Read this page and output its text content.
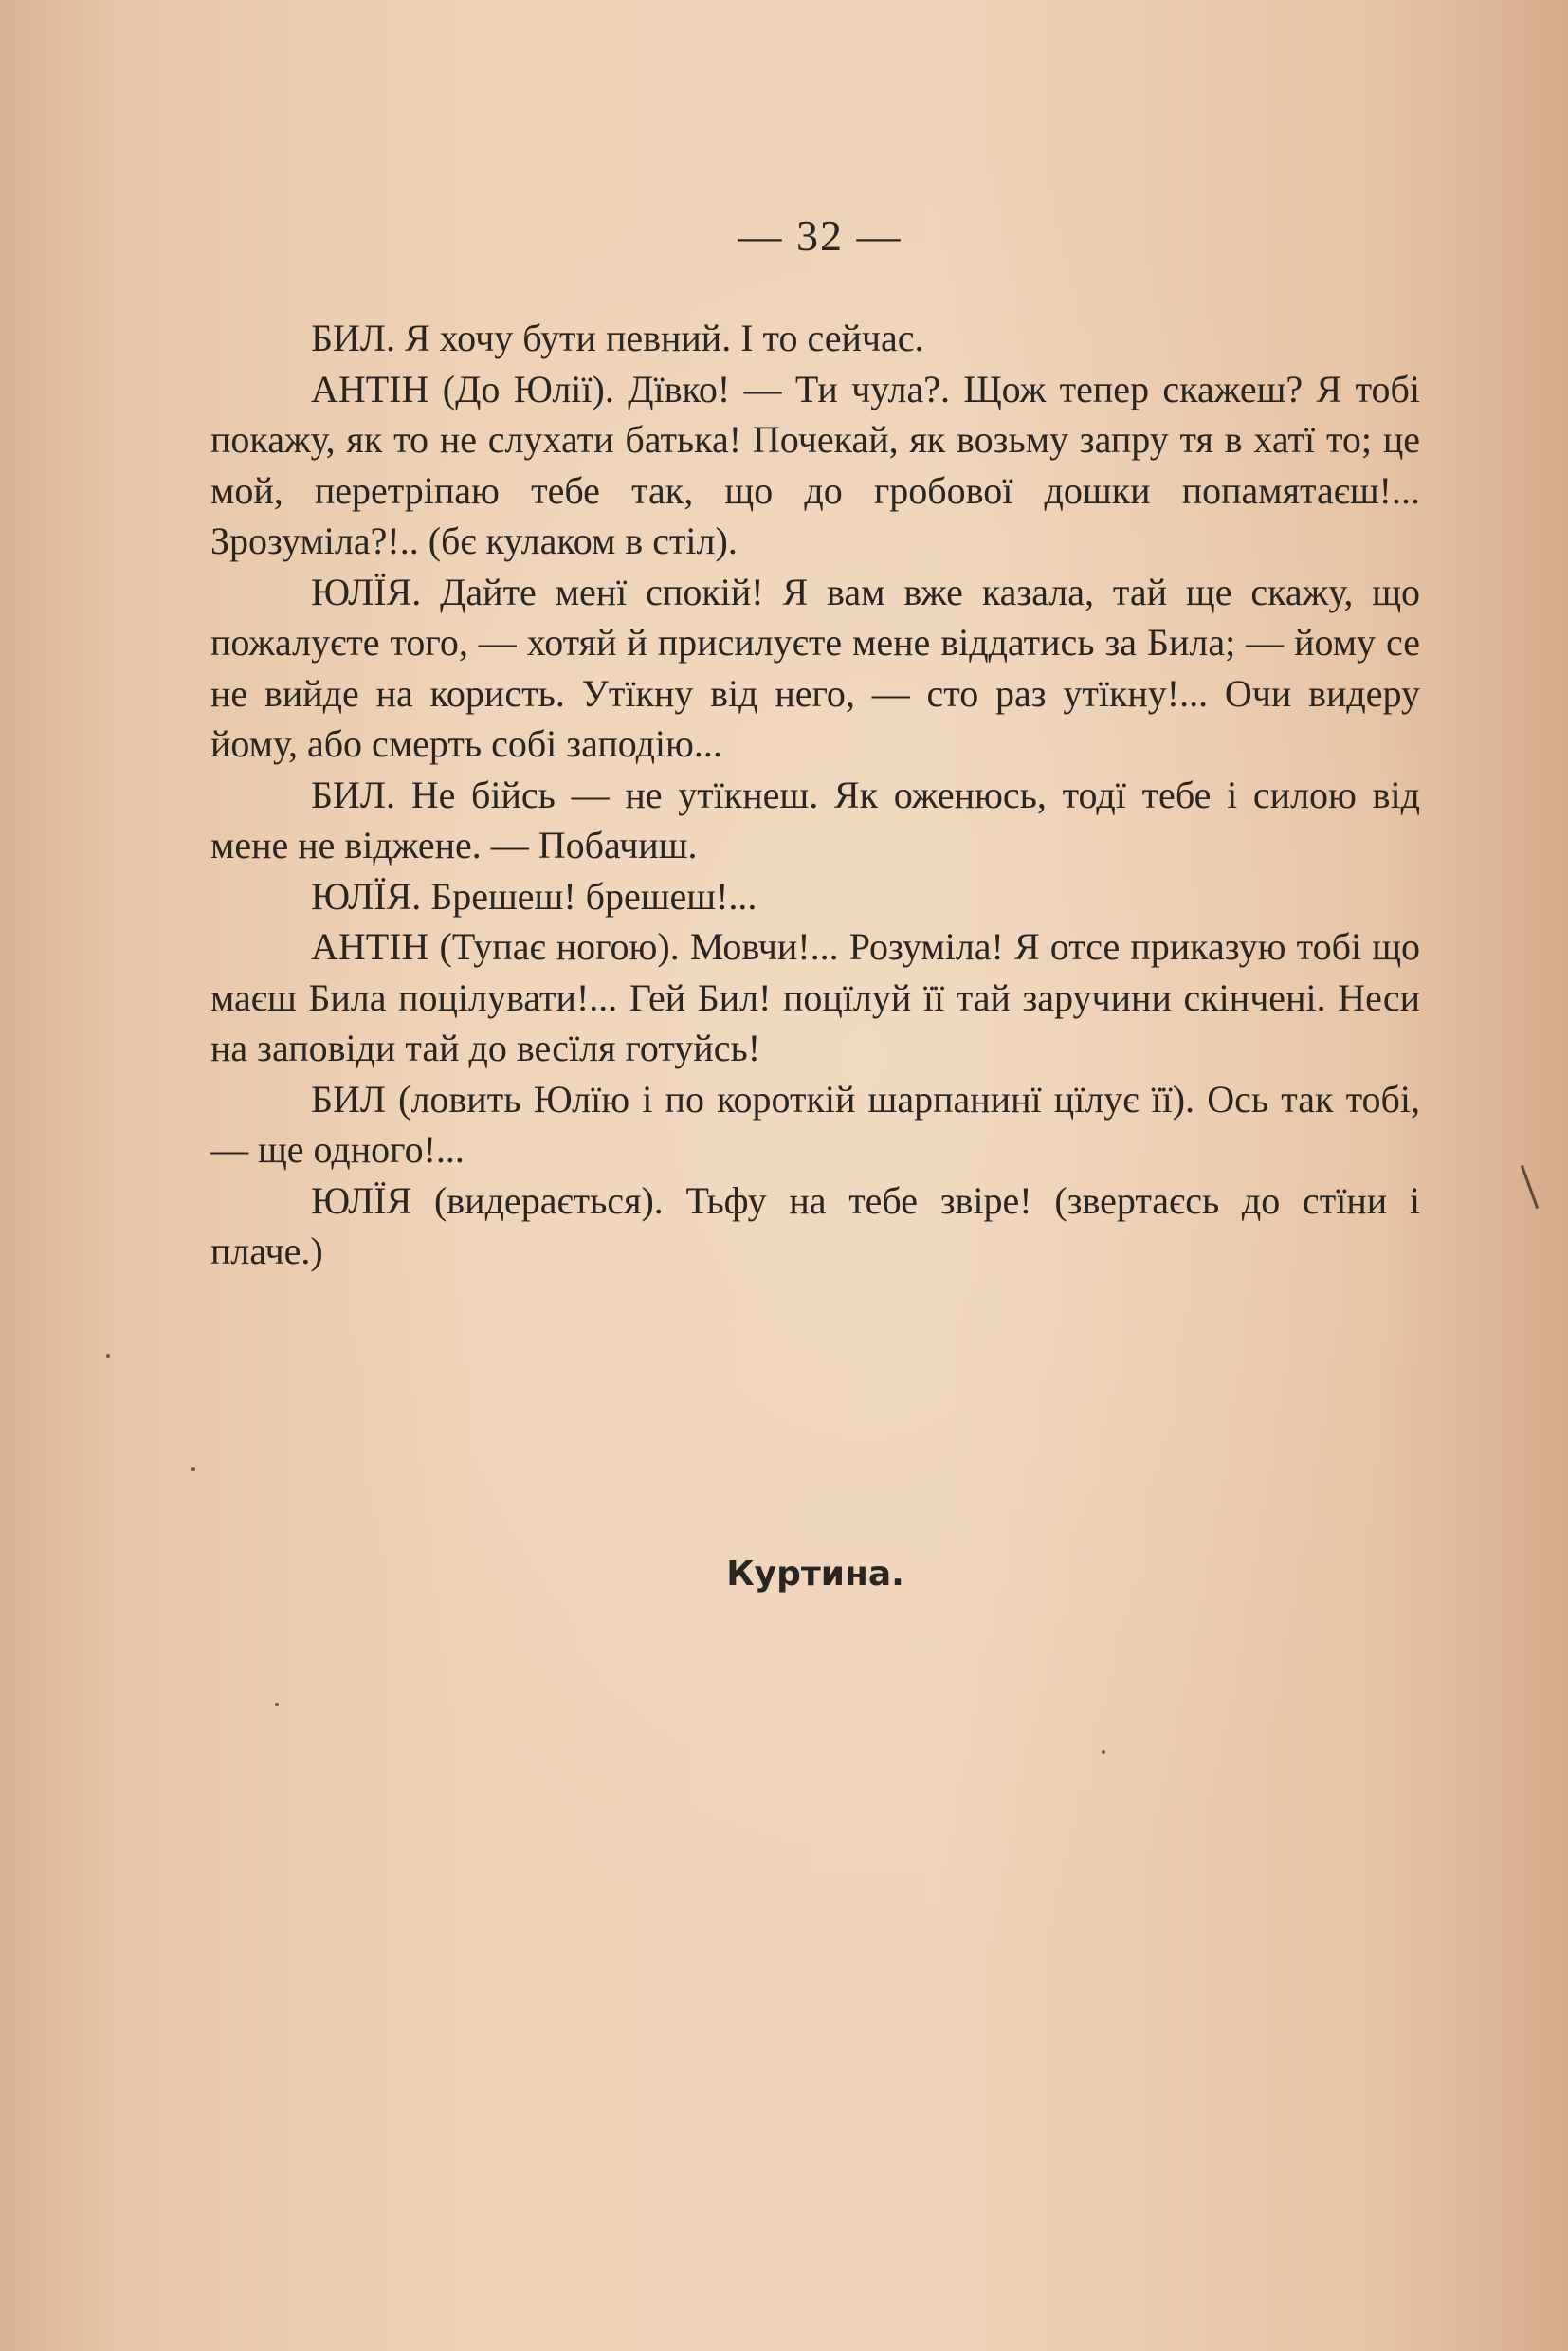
— 32 —

БИЛ. Я хочу бути певний. І то сейчас.

АНТІН (До Юлії). Дївко! — Ти чула?. Щож тепер скажеш? Я тобі покажу, як то не слухати батька! Почекай, як возьму запру тя в хатї то; це мой, перетріпаю тебе так, що до гробової дошки попамятаєш!... Зрозуміла?!.. (бє кулаком в стіл).

ЮЛЇЯ. Дайте менї спокій! Я вам вже казала, тай ще скажу, що пожалуєте того, — хотяй й присилуєте мене віддатись за Била; — йому се не вийде на користь. Утїкну від него, — сто раз утїкну!... Очи видеру йому, або смерть собі заподію...

БИЛ. Не бійсь — не утїкнеш. Як оженюсь, тодї тебе і силою від мене не віджене. — Побачиш.

ЮЛЇЯ. Брешеш! брешеш!...

АНТІН (Тупає ногою). Мовчи!... Розуміла! Я отсе приказую тобі що маєш Била поцілувати!... Гей Бил! поцїлуй її тай заручини скінчені. Неси на заповіди тай до весїля готуйсь!

БИЛ (ловить Юлїю і по короткій шарпанинї цїлує її). Ось так тобі, — ще одного!...

ЮЛЇЯ (видерається). Тьфу на тебе звіре! (звертаєсь до стїни і плаче.)

Куртина.
